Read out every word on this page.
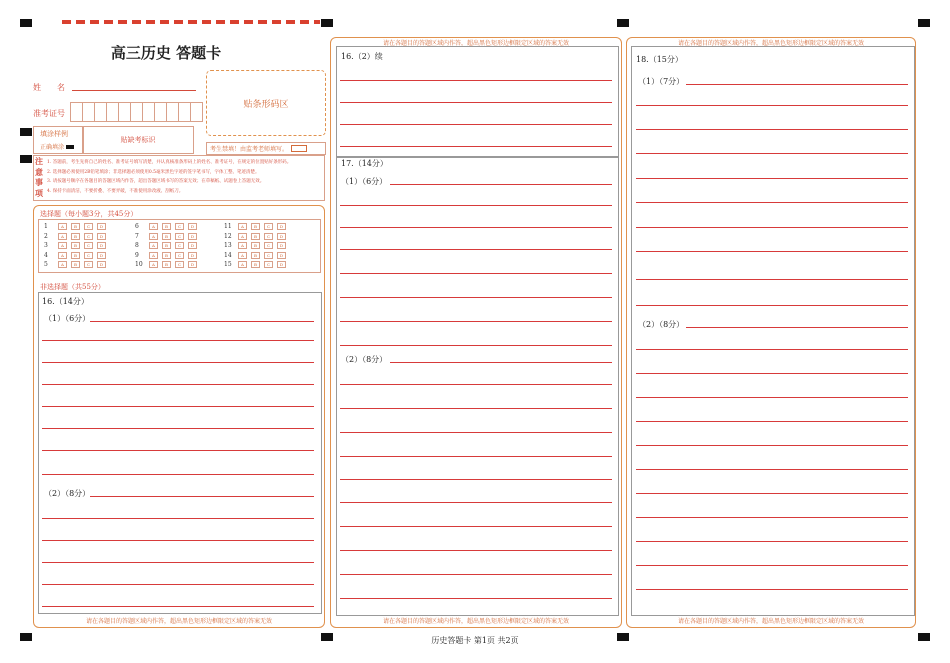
高三历史 答题卡
姓　　名
准考证号
贴条形码区
填涂样例
正确填涂
贴缺考标识
考生禁填！由监考老师填写。
注
意
事
项
1. 答题前，考生先将自己的姓名、准考证号填写清楚，并认真核准条形码上的姓名、准考证号，在规定的位置贴好条形码。
2. 选择题必须使用2B铅笔填涂；非选择题必须使用0.5毫米黑色字迹的签字笔书写，字体工整、笔迹清楚。
3. 请按题号顺序在各题目的答题区域内作答，超出答题区域书写的答案无效；在草稿纸、试题卷上答题无效。
4. 保持卡面清洁，不要折叠、不要弄破，不准使用涂改液、刮纸刀。
选择题（每小题3分，共45分）
1	A	B	C	D
2	A	B	C	D
3	A	B	C	D
4	A	B	C	D
5	A	B	C	D
6	A	B	C	D
7	A	B	C	D
8	A	B	C	D
9	A	B	C	D
10	A	B	C	D
11	A	B	C	D
12	A	B	C	D
13	A	B	C	D
14	A	B	C	D
15	A	B	C	D
非选择题（共55分）
16.（14分）
（1）（6分）
（2）（8分）
请在各题目的答题区域内作答，超出黑色矩形边框限定区域的答案无效
请在各题目的答题区域内作答，超出黑色矩形边框限定区域的答案无效
16.（2）续
17.（14分）
（1）（6分）
（2）（8分）
请在各题目的答题区域内作答，超出黑色矩形边框限定区域的答案无效
请在各题目的答题区域内作答，超出黑色矩形边框限定区域的答案无效
18.（15分）
（1）（7分）
（2）（8分）
请在各题目的答题区域内作答，超出黑色矩形边框限定区域的答案无效
历史答题卡 第1页 共2页
